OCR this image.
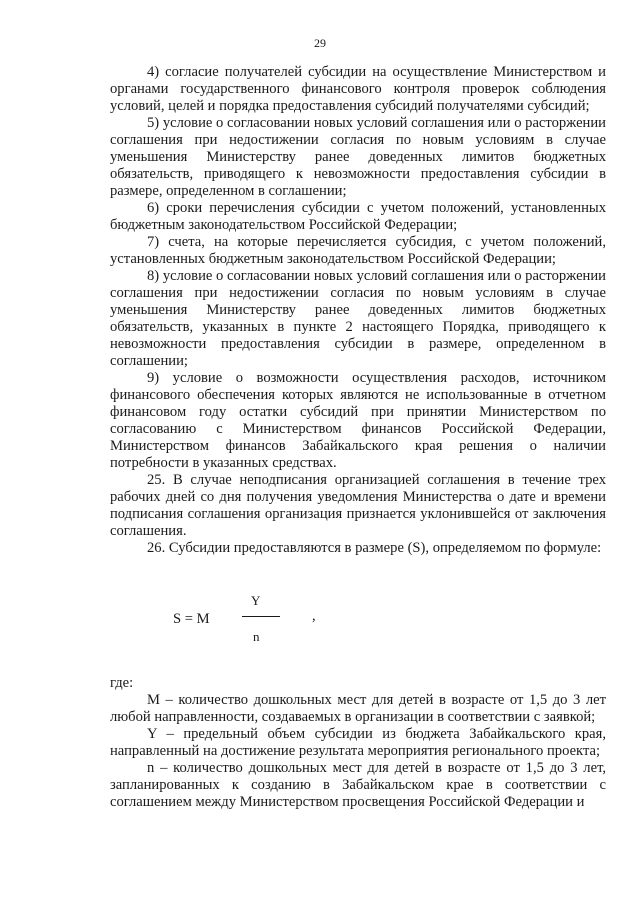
29

4) согласие получателей субсидии на осуществление Министерством и органами государственного финансового контроля проверок соблюдения условий, целей и порядка предоставления субсидий получателями субсидий;

5) условие о согласовании новых условий соглашения или о расторжении соглашения при недостижении согласия по новым условиям в случае уменьшения Министерству ранее доведенных лимитов бюджетных обязательств, приводящего к невозможности предоставления субсидии в размере, определенном в соглашении;

6) сроки перечисления субсидии с учетом положений, установленных бюджетным законодательством Российской Федерации;

7) счета, на которые перечисляется субсидия, с учетом положений, установленных бюджетным законодательством Российской Федерации;

8) условие о согласовании новых условий соглашения или о расторжении соглашения при недостижении согласия по новым условиям в случае уменьшения Министерству ранее доведенных лимитов бюджетных обязательств, указанных в пункте 2 настоящего Порядка, приводящего к невозможности предоставления субсидии в размере, определенном в соглашении;

9) условие о возможности осуществления расходов, источником финансового обеспечения которых являются не использованные в отчетном финансовом году остатки субсидий при принятии Министерством по согласованию с Министерством финансов Российской Федерации, Министерством финансов Забайкальского края решения о наличии потребности в указанных средствах.

25. В случае неподписания организацией соглашения в течение трех рабочих дней со дня получения уведомления Министерства о дате и времени подписания соглашения организация признается уклонившейся от заключения соглашения.

26. Субсидии предоставляются в размере (S), определяемом по формуле:

S = M
Y
n
,

где:

M – количество дошкольных мест для детей в возрасте от 1,5 до 3 лет любой направленности, создаваемых в организации в соответствии с заявкой;

Y – предельный объем субсидии из бюджета Забайкальского края, направленный на достижение результата мероприятия регионального проекта;

n – количество дошкольных мест для детей в возрасте от 1,5 до 3 лет, запланированных к созданию в Забайкальском крае в соответствии с соглашением между Министерством просвещения Российской Федерации и
